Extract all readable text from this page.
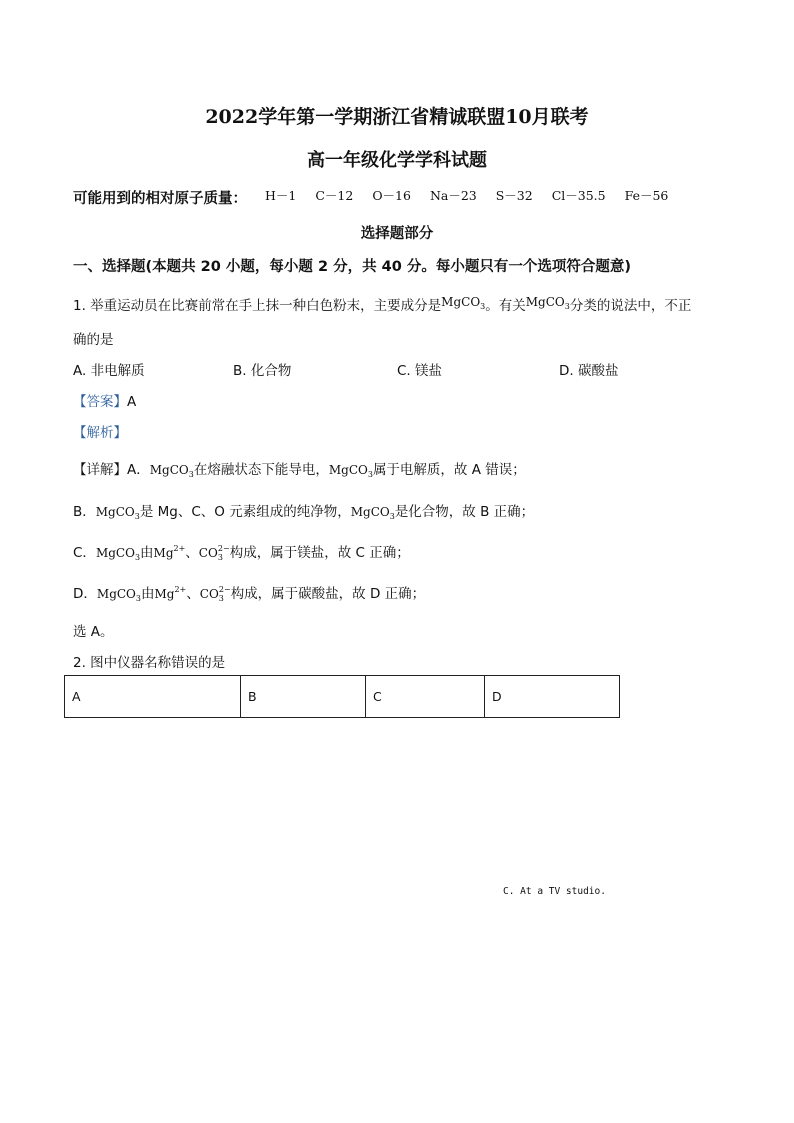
2022学年第一学期浙江省精诚联盟10月联考
高一年级化学学科试题
可能用到的相对原子质量： H－1 C－12 O－16 Na－23 S－32 Cl－35.5 Fe－56
选择题部分
一、选择题(本题共 20 小题，每小题 2 分，共 40 分。每小题只有一个选项符合题意)
1. 举重运动员在比赛前常在手上抹一种白色粉末，主要成分是MgCO$_3$。有关MgCO$_3$分类的说法中，不正
确的是
A. 非电解质	B. 化合物	C. 镁盐	D. 碳酸盐
【答案】A
【解析】
【详解】A．MgCO$_3$在熔融状态下能导电，MgCO$_3$属于电解质，故 A 错误；
B．MgCO$_3$是 Mg、C、O 元素组成的纯净物，MgCO$_3$是化合物，故 B 正确；
C．MgCO$_3$由$Mg^{2+}$、$CO_3^{2-}$构成，属于镁盐，故 C 正确；
D．MgCO$_3$由$Mg^{2+}$、$CO_3^{2-}$构成，属于碳酸盐，故 D 正确；
选 A。
2. 图中仪器名称错误的是
A	B	C	D
C. At a TV studio.
